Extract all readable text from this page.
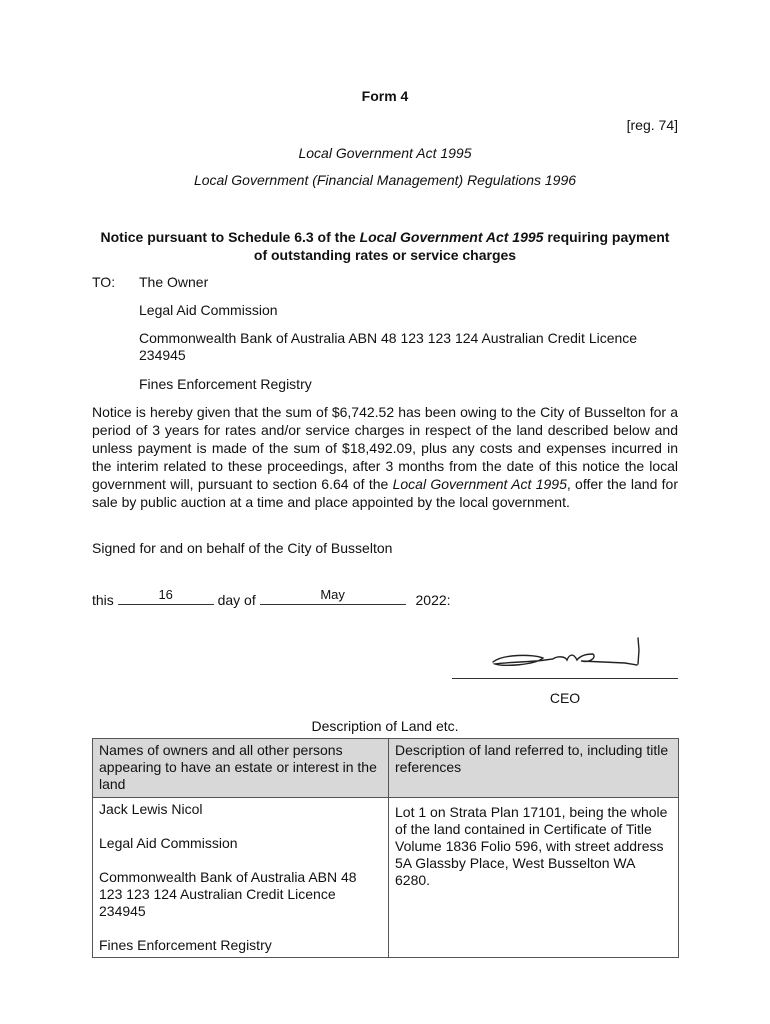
Form 4
[reg. 74]
Local Government Act 1995
Local Government (Financial Management) Regulations 1996
Notice pursuant to Schedule 6.3 of the Local Government Act 1995 requiring payment of outstanding rates or service charges
TO: The Owner
Legal Aid Commission
Commonwealth Bank of Australia ABN 48 123 123 124 Australian Credit Licence 234945
Fines Enforcement Registry
Notice is hereby given that the sum of $6,742.52 has been owing to the City of Busselton for a period of 3 years for rates and/or service charges in respect of the land described below and unless payment is made of the sum of $18,492.09, plus any costs and expenses incurred in the interim related to these proceedings, after 3 months from the date of this notice the local government will, pursuant to section 6.64 of the Local Government Act 1995, offer the land for sale by public auction at a time and place appointed by the local government.
Signed for and on behalf of the City of Busselton
this	16	day of	May	2022:
CEO
Description of Land etc.
Names of owners and all other persons appearing to have an estate or interest in the land	Description of land referred to, including title references

Jack Lewis Nicol
Legal Aid Commission
Commonwealth Bank of Australia ABN 48 123 123 124 Australian Credit Licence 234945
Fines Enforcement Registry	Lot 1 on Strata Plan 17101, being the whole of the land contained in Certificate of Title Volume 1836 Folio 596, with street address 5A Glassby Place, West Busselton WA 6280.
